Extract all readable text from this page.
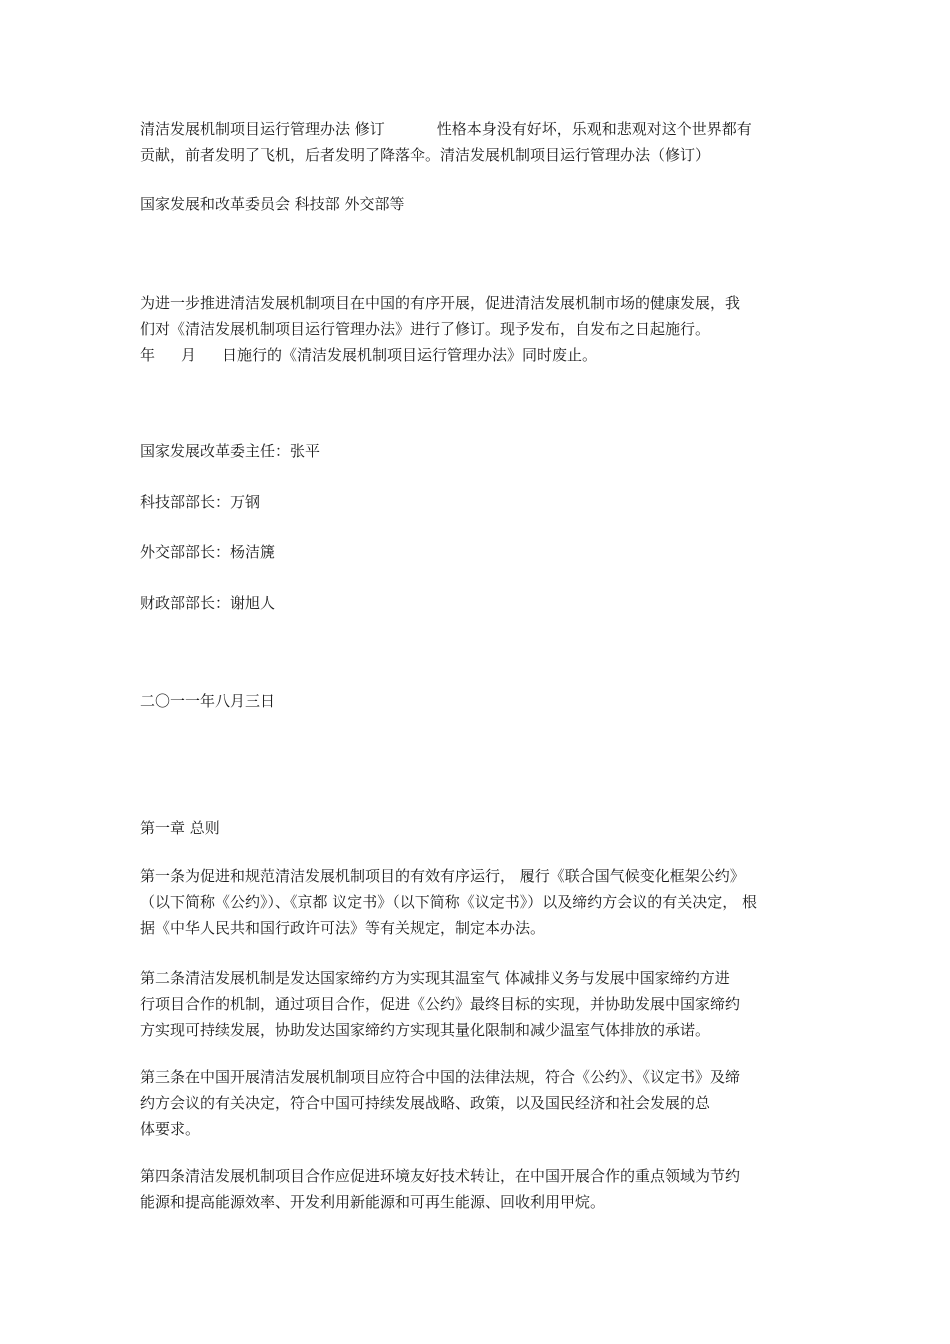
清洁发展机制项目运行管理办法 修订	性格本身没有好坏，乐观和悲观对这个世界都有
贡献，前者发明了飞机，后者发明了降落伞。清洁发展机制项目运行管理办法（修订）
国家发展和改革委员会 科技部 外交部等
为进一步推进清洁发展机制项目在中国的有序开展，促进清洁发展机制市场的健康发展，我
们对《清洁发展机制项目运行管理办法》进行了修订。现予发布，自发布之日起施行。
年 月 日施行的《清洁发展机制项目运行管理办法》同时废止。
国家发展改革委主任：张平
科技部部长：万钢
外交部部长：杨洁篪
财政部部长：谢旭人
二〇一一年八月三日
第一章 总则
第一条为促进和规范清洁发展机制项目的有效有序运行， 履行《联合国气候变化框架公约》
（以下简称《公约》）、《京都 议定书》（以下简称《议定书》）以及缔约方会议的有关决定， 根
据《中华人民共和国行政许可法》等有关规定，制定本办法。
第二条清洁发展机制是发达国家缔约方为实现其温室气 体减排义务与发展中国家缔约方进
行项目合作的机制，通过项目合作，促进《公约》最终目标的实现，并协助发展中国家缔约
方实现可持续发展，协助发达国家缔约方实现其量化限制和减少温室气体排放的承诺。
第三条在中国开展清洁发展机制项目应符合中国的法律法规，符合《公约》、《议定书》及缔
约方会议的有关决定，符合中国可持续发展战略、政策，以及国民经济和社会发展的总
体要求。
第四条清洁发展机制项目合作应促进环境友好技术转让，在中国开展合作的重点领域为节约
能源和提高能源效率、开发利用新能源和可再生能源、回收利用甲烷。
